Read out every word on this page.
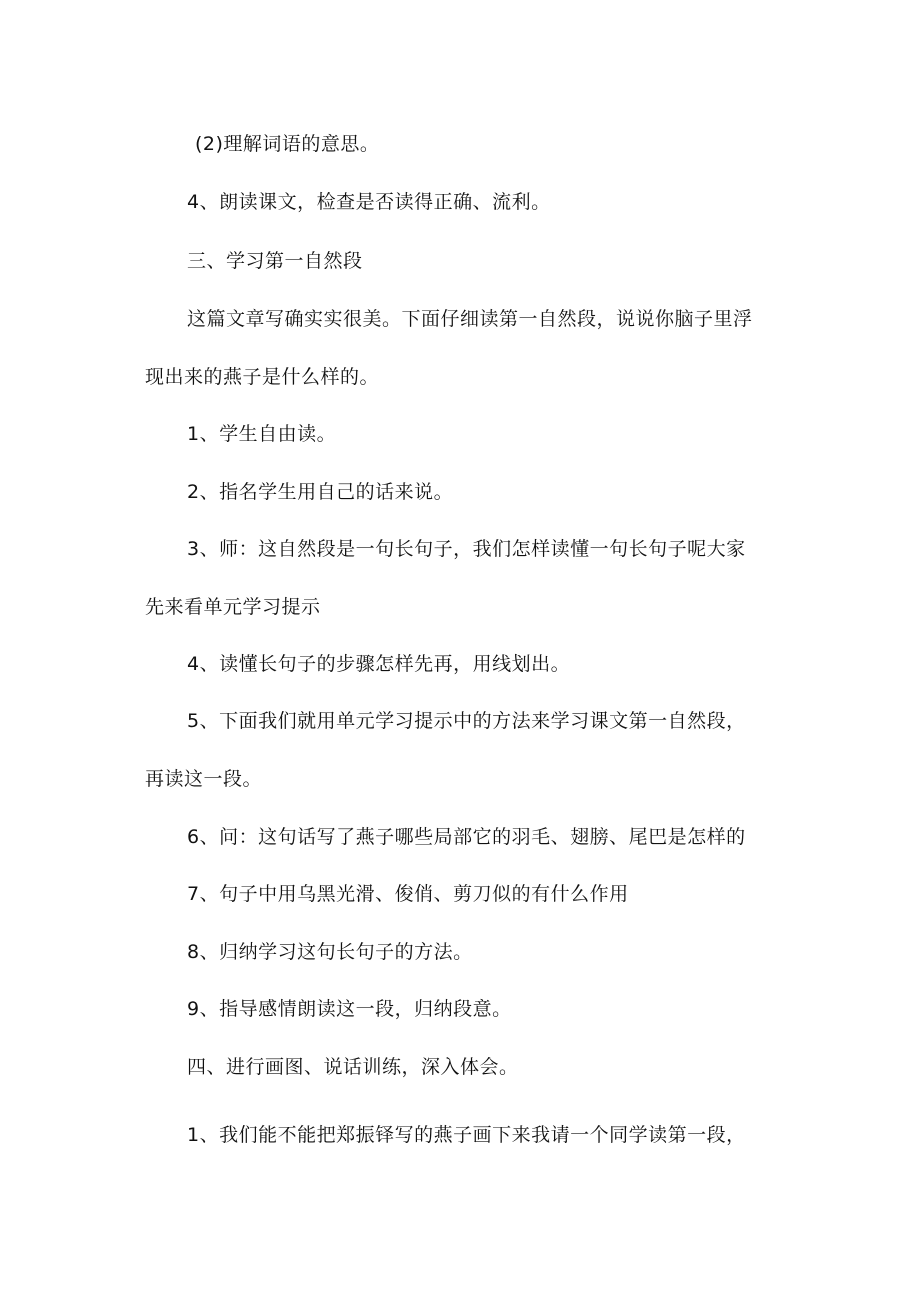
(2)理解词语的意思。
4、朗读课文，检查是否读得正确、流利。
三、学习第一自然段
这篇文章写确实实很美。下面仔细读第一自然段，说说你脑子里浮
现出来的燕子是什么样的。
1、学生自由读。
2、指名学生用自己的话来说。
3、师：这自然段是一句长句子，我们怎样读懂一句长句子呢大家
先来看单元学习提示
4、读懂长句子的步骤怎样先再，用线划出。
5、下面我们就用单元学习提示中的方法来学习课文第一自然段，
再读这一段。
6、问：这句话写了燕子哪些局部它的羽毛、翅膀、尾巴是怎样的
7、句子中用乌黑光滑、俊俏、剪刀似的有什么作用
8、归纳学习这句长句子的方法。
9、指导感情朗读这一段，归纳段意。
四、进行画图、说话训练，深入体会。
1、我们能不能把郑振铎写的燕子画下来我请一个同学读第一段，
